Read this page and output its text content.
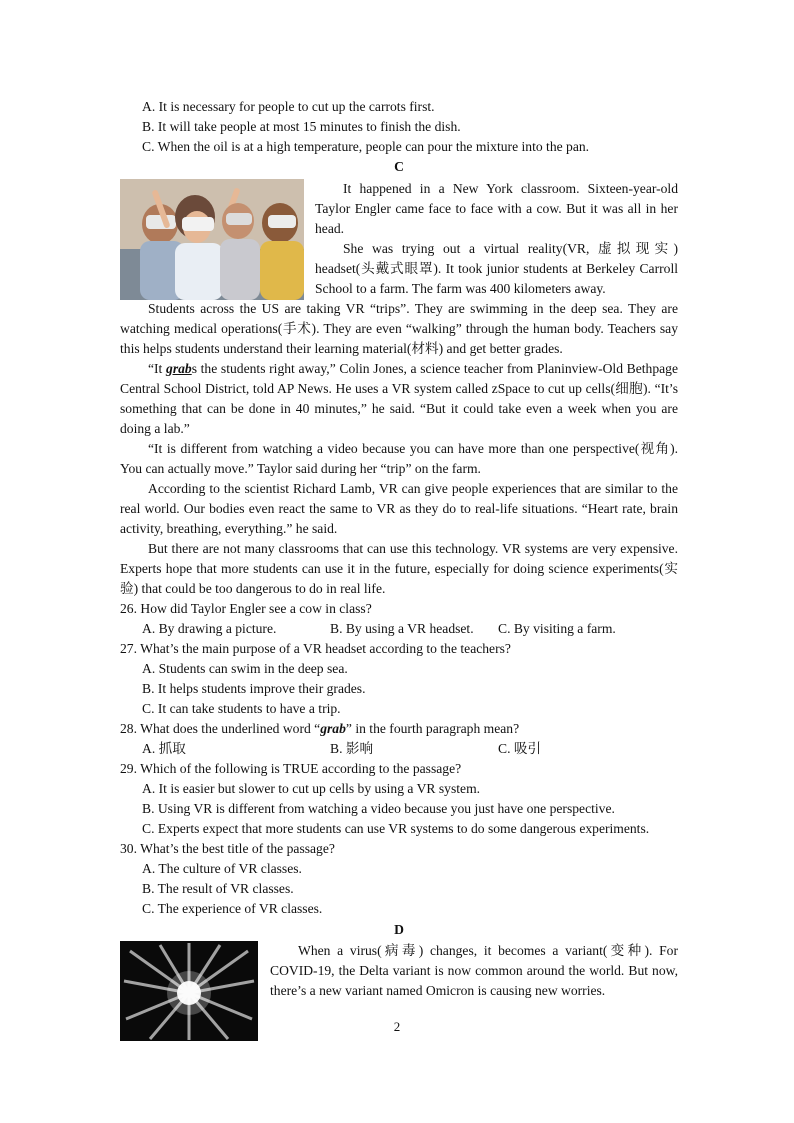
A. It is necessary for people to cut up the carrots first.

B. It will take people at most 15 minutes to finish the dish.

C. When the oil is at a high temperature, people can pour the mixture into the pan.

C

It happened in a New York classroom. Sixteen-year-old Taylor Engler came face to face with a cow. But it was all in her head.

She was trying out a virtual reality(VR, 虚拟现实) headset(头戴式眼罩). It took junior students at Berkeley Carroll School to a farm. The farm was 400 kilometers away.

Students across the US are taking VR “trips”. They are swimming in the deep sea. They are watching medical operations(手术). They are even “walking” through the human body. Teachers say this helps students understand their learning material(材料) and get better grades.

“It grabs the students right away,” Colin Jones, a science teacher from Planinview-Old Bethpage Central School District, told AP News. He uses a VR system called zSpace to cut up cells(细胞). “It’s something that can be done in 40 minutes,” he said. “But it could take even a week when you are doing a lab.”

“It is different from watching a video because you can have more than one perspective(视角). You can actually move.” Taylor said during her “trip” on the farm.

According to the scientist Richard Lamb, VR can give people experiences that are similar to the real world. Our bodies even react the same to VR as they do to real-life situations. “Heart rate, brain activity, breathing, everything.” he said.

But there are not many classrooms that can use this technology. VR systems are very expensive. Experts hope that more students can use it in the future, especially for doing science experiments(实验) that could be too dangerous to do in real life.

26. How did Taylor Engler see a cow in class?

A. By drawing a picture.	B. By using a VR headset.	C. By visiting a farm.

27. What’s the main purpose of a VR headset according to the teachers?

A. Students can swim in the deep sea.

B. It helps students improve their grades.

C. It can take students to have a trip.

28. What does the underlined word “grab” in the fourth paragraph mean?

A. 抓取	B. 影响	C. 吸引

29. Which of the following is TRUE according to the passage?

A. It is easier but slower to cut up cells by using a VR system.

B. Using VR is different from watching a video because you just have one perspective.

C. Experts expect that more students can use VR systems to do some dangerous experiments.

30. What’s the best title of the passage?

A. The culture of VR classes.

B. The result of VR classes.

C. The experience of VR classes.

D

When a virus(病毒) changes, it becomes a variant(变种). For COVID-19, the Delta variant is now common around the world. But now, there’s a new variant named Omicron is causing new worries.

2
